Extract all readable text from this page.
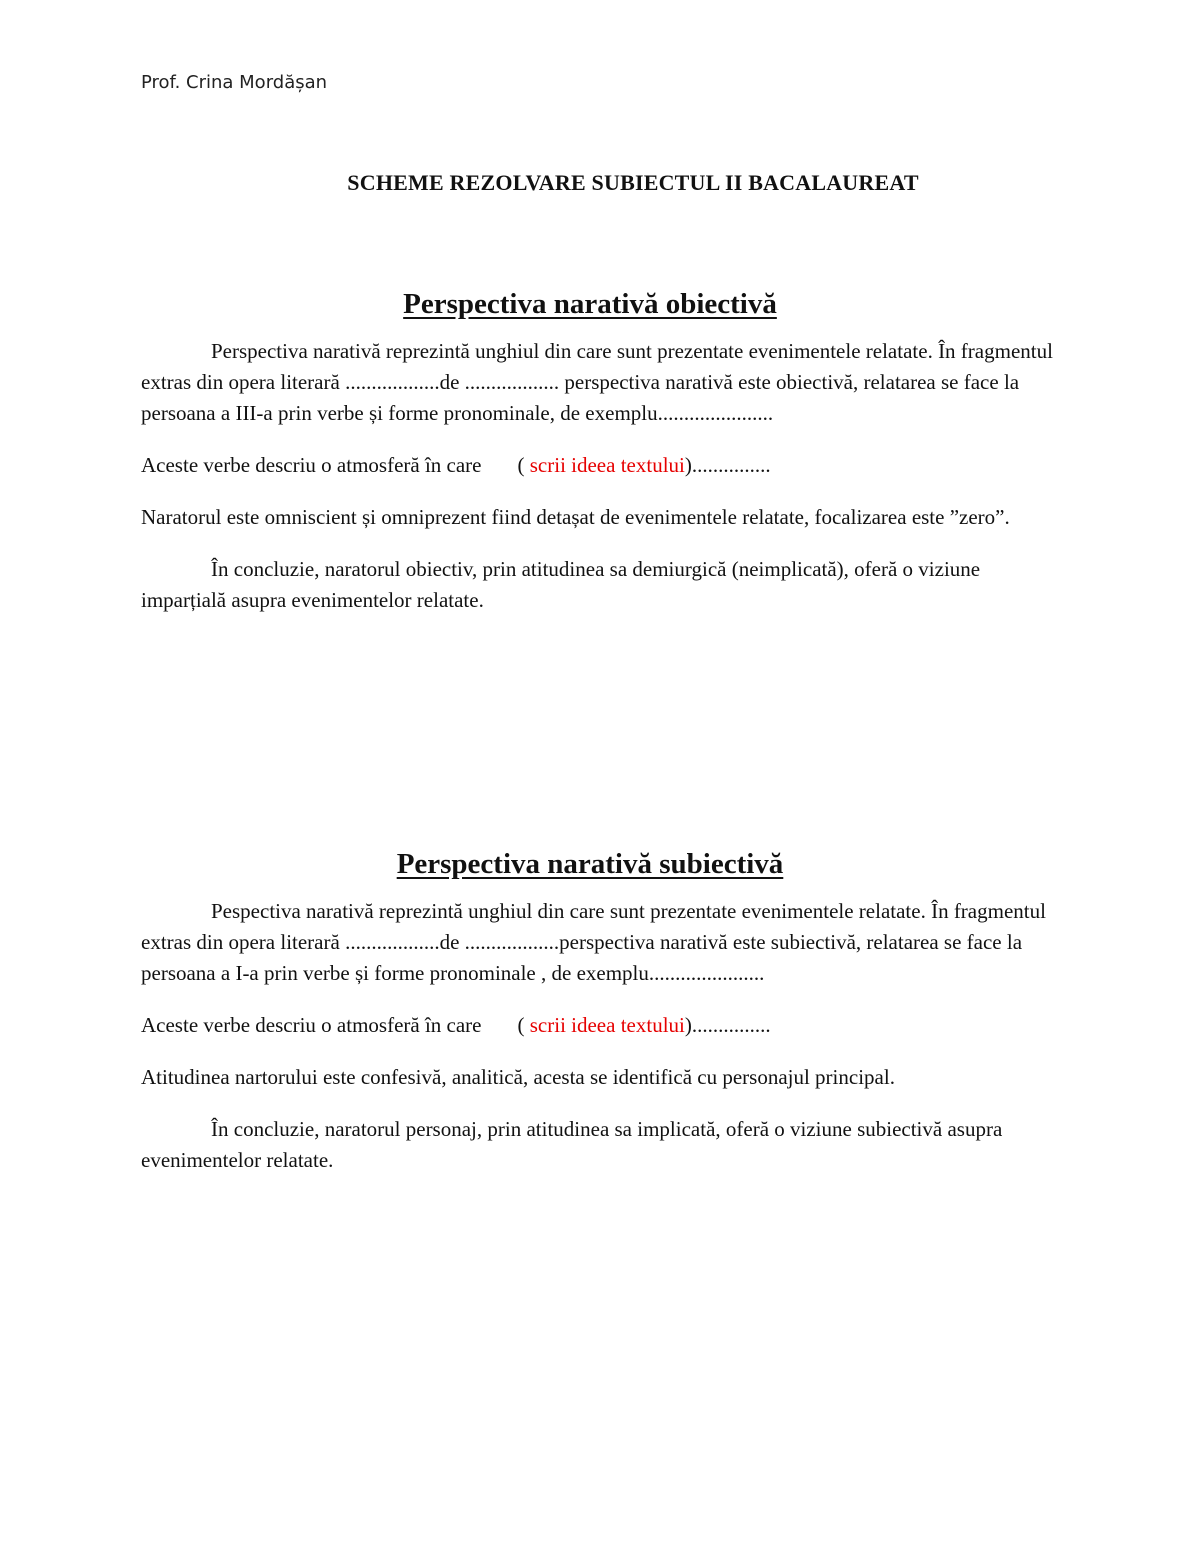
Prof. Crina Mordășan

SCHEME REZOLVARE SUBIECTUL II BACALAUREAT
Perspectiva narativă obiectivă

Perspectiva narativă reprezintă unghiul din care sunt prezentate evenimentele relatate. În fragmentul extras din opera literară ..................de .................. perspectiva narativă este obiectivă, relatarea se face la persoana a III-a prin verbe și forme pronominale, de exemplu......................

Aceste verbe descriu o atmosferă în care ( scrii ideea textului)...............

Naratorul este omniscient și omniprezent fiind detașat de evenimentele relatate, focalizarea este ”zero”.

În concluzie, naratorul obiectiv, prin atitudinea sa demiurgică (neimplicată), oferă o viziune imparțială asupra evenimentelor relatate.

Perspectiva narativă subiectivă

Pespectiva narativă reprezintă unghiul din care sunt prezentate evenimentele relatate. În fragmentul extras din opera literară ..................de ..................perspectiva narativă este subiectivă, relatarea se face la persoana a I-a prin verbe și forme pronominale , de exemplu......................

Aceste verbe descriu o atmosferă în care ( scrii ideea textului)...............

Atitudinea nartorului este confesivă, analitică, acesta se identifică cu personajul principal.

În concluzie, naratorul personaj, prin atitudinea sa implicată, oferă o viziune subiectivă asupra evenimentelor relatate.
